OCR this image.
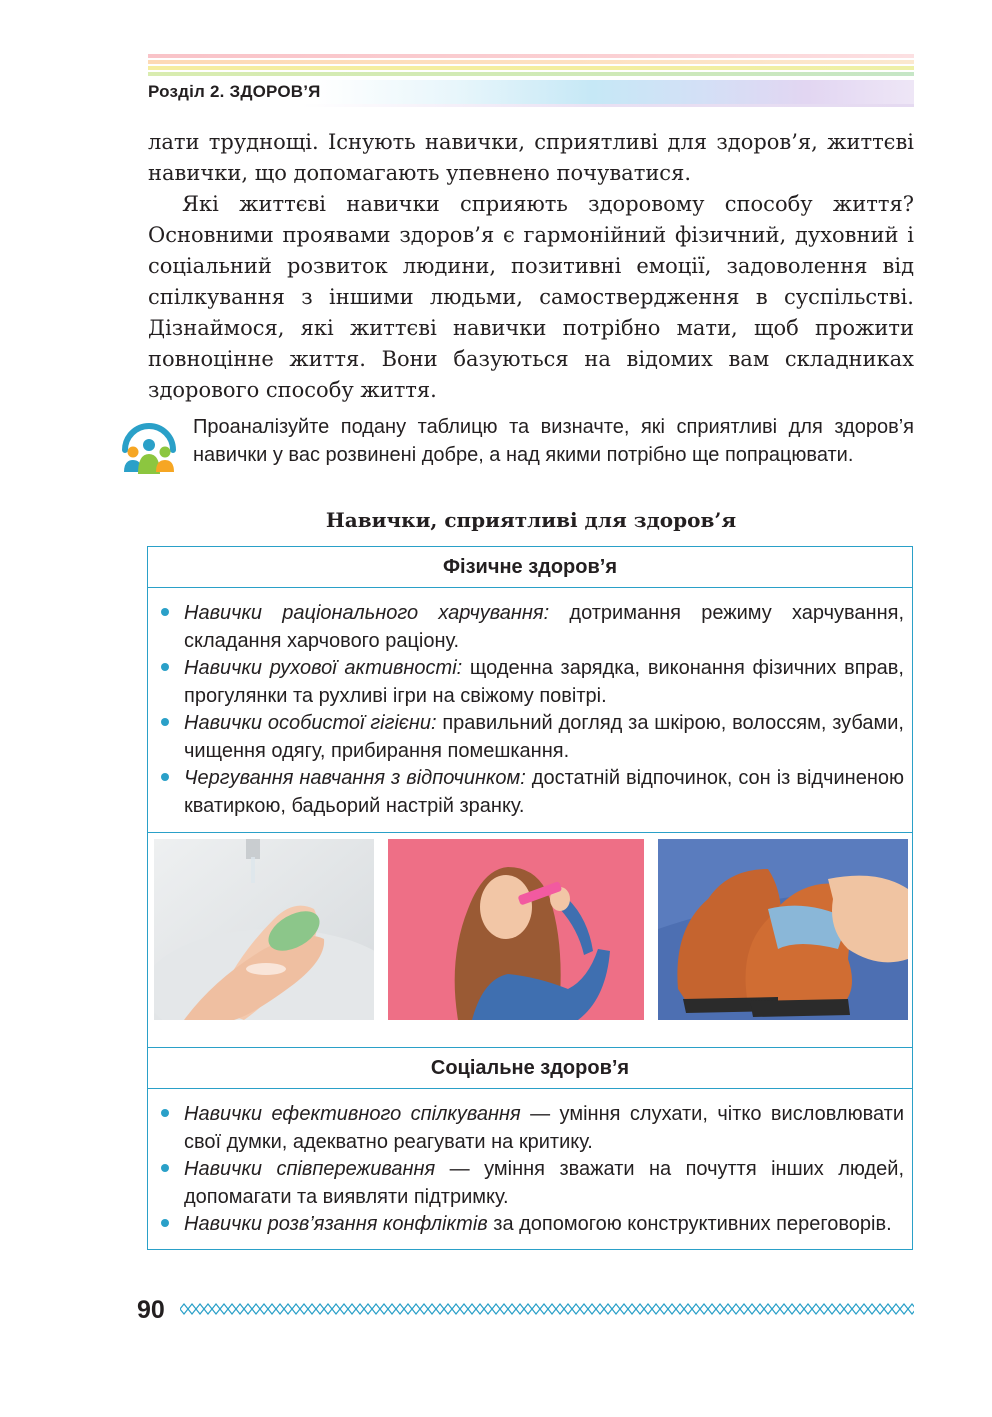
Розділ 2. ЗДОРОВ’Я

лати труднощі. Існують навички, сприятливі для здоров’я, життєві навички, що допомагають упевнено почуватися.

Які життєві навички сприяють здоровому способу життя? Основними проявами здоров’я є гармонійний фізичний, духовний і соціальний розвиток людини, позитивні емоції, задоволення від спілкування з іншими людьми, самоствердження в суспільстві. Дізнаймося, які життєві навички потрібно мати, щоб прожити повноцінне життя. Вони базуються на відомих вам складниках здорового способу життя.

Проаналізуйте подану таблицю та визначте, які сприятливі для здоров’я навички у вас розвинені добре, а над якими потрібно ще попрацювати.
Навички, сприятливі для здоров’я
Фізичне здоров’я
Навички раціонального харчування: дотримання режиму харчування, складання харчового раціону.
Навички рухової активності: щоденна зарядка, виконання фізичних вправ, прогулянки та рухливі ігри на свіжому повітрі.
Навички особистої гігієни: правильний догляд за шкірою, волоссям, зубами, чищення одягу, прибирання помешкання.
Чергування навчання з відпочинком: достатній відпочинок, сон із відчиненою кватиркою, бадьорий настрій зранку.
Соціальне здоров’я
Навички ефективного спілкування — уміння слухати, чітко висловлювати свої думки, адекватно реагувати на критику.
Навички співпереживання — уміння зважати на почуття інших людей, допомагати та виявляти підтримку.
Навички розв’язання конфліктів за допомогою конструктивних переговорів.
90
